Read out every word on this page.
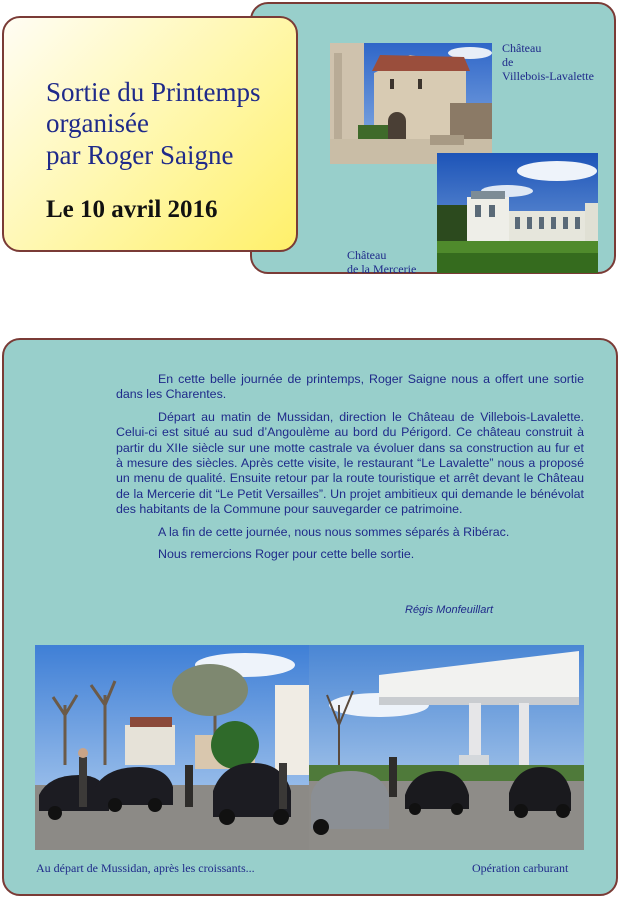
Sortie du Printemps
organisée
par Roger Saigne
Le 10 avril 2016
Château
de
Villebois-Lavalette
Château
de la Mercerie

En cette belle journée de printemps, Roger Saigne nous a offert une sortie dans les Charentes.

Départ au matin de Mussidan, direction le Château de Villebois-Lavalette. Celui-ci est situé au sud d’Angoulème au bord du Périgord. Ce château construit à partir du XIIe siècle sur une motte castrale va évoluer dans sa construction au fur et à mesure des siècles. Après cette visite, le restaurant “Le Lavalette” nous a proposé un menu de qualité. Ensuite retour par la route touristique et arrêt devant le Château de la Mercerie dit “Le Petit Versailles”. Un projet ambitieux qui demande le bénévolat des habitants de la Commune pour sauvegarder ce patrimoine.

A la fin de cette journée, nous nous sommes séparés à Ribérac.

Nous remercions Roger pour cette belle sortie.

Régis Monfeuillart
Au départ de Mussidan, après les croissants...	Opération carburant
